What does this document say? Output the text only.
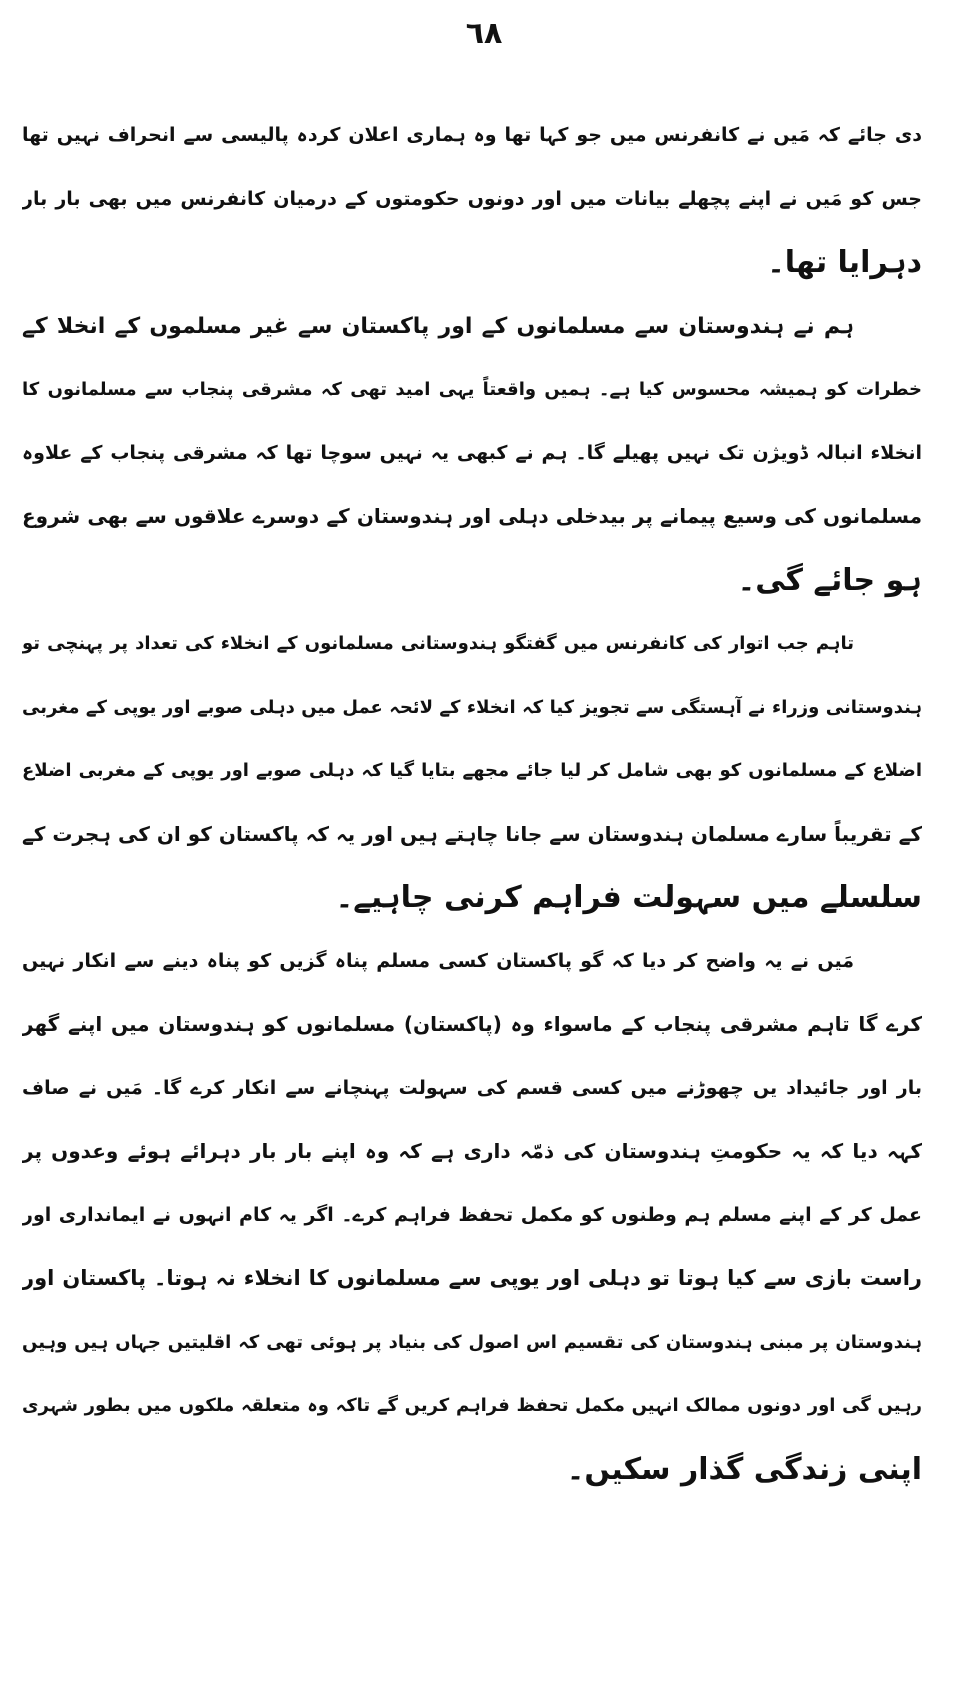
٦٨
دی جائے کہ مَیں نے کانفرنس میں جو کہا تھا وہ ہماری اعلان کردہ پالیسی سے انحراف نہیں تھا
جس کو مَیں نے اپنے پچھلے بیانات میں اور دونوں حکومتوں کے درمیان کانفرنس میں بھی بار بار
دہرایا تھا۔
ہم نے ہندوستان سے مسلمانوں کے اور پاکستان سے غیر مسلموں کے انخلا کے
خطرات کو ہمیشہ محسوس کیا ہے۔ ہمیں واقعتاً یہی امید تھی کہ مشرقی پنجاب سے مسلمانوں کا
انخلاء انبالہ ڈویژن تک نہیں پھیلے گا۔ ہم نے کبھی یہ نہیں سوچا تھا کہ مشرقی پنجاب کے علاوہ
مسلمانوں کی وسیع پیمانے پر بیدخلی دہلی اور ہندوستان کے دوسرے علاقوں سے بھی شروع
ہو جائے گی۔
تاہم جب اتوار کی کانفرنس میں گفتگو ہندوستانی مسلمانوں کے انخلاء کی تعداد پر پہنچی تو
ہندوستانی وزراء نے آہستگی سے تجویز کیا کہ انخلاء کے لائحہ عمل میں دہلی صوبے اور یوپی کے مغربی
اضلاع کے مسلمانوں کو بھی شامل کر لیا جائے مجھے بتایا گیا کہ دہلی صوبے اور یوپی کے مغربی اضلاع
کے تقریباً سارے مسلمان ہندوستان سے جانا چاہتے ہیں اور یہ کہ پاکستان کو ان کی ہجرت کے
سلسلے میں سہولت فراہم کرنی چاہیے۔
مَیں نے یہ واضح کر دیا کہ گو پاکستان کسی مسلم پناہ گزیں کو پناہ دینے سے انکار نہیں
کرے گا تاہم مشرقی پنجاب کے ماسواء وہ (پاکستان) مسلمانوں کو ہندوستان میں اپنے گھر
بار اور جائیداد یں چھوڑنے میں کسی قسم کی سہولت پہنچانے سے انکار کرے گا۔ مَیں نے صاف
کہہ دیا کہ یہ حکومتِ ہندوستان کی ذمّہ داری ہے کہ وہ اپنے بار بار دہرائے ہوئے وعدوں پر
عمل کر کے اپنے مسلم ہم وطنوں کو مکمل تحفظ فراہم کرے۔ اگر یہ کام انہوں نے ایمانداری اور
راست بازی سے کیا ہوتا تو دہلی اور یوپی سے مسلمانوں کا انخلاء نہ ہوتا۔ پاکستان اور
ہندوستان پر مبنی ہندوستان کی تقسیم اس اصول کی بنیاد پر ہوئی تھی کہ اقلیتیں جہاں ہیں وہیں
رہیں گی اور دونوں ممالک انہیں مکمل تحفظ فراہم کریں گے تاکہ وہ متعلقہ ملکوں میں بطور شہری
اپنی زندگی گذار سکیں۔
